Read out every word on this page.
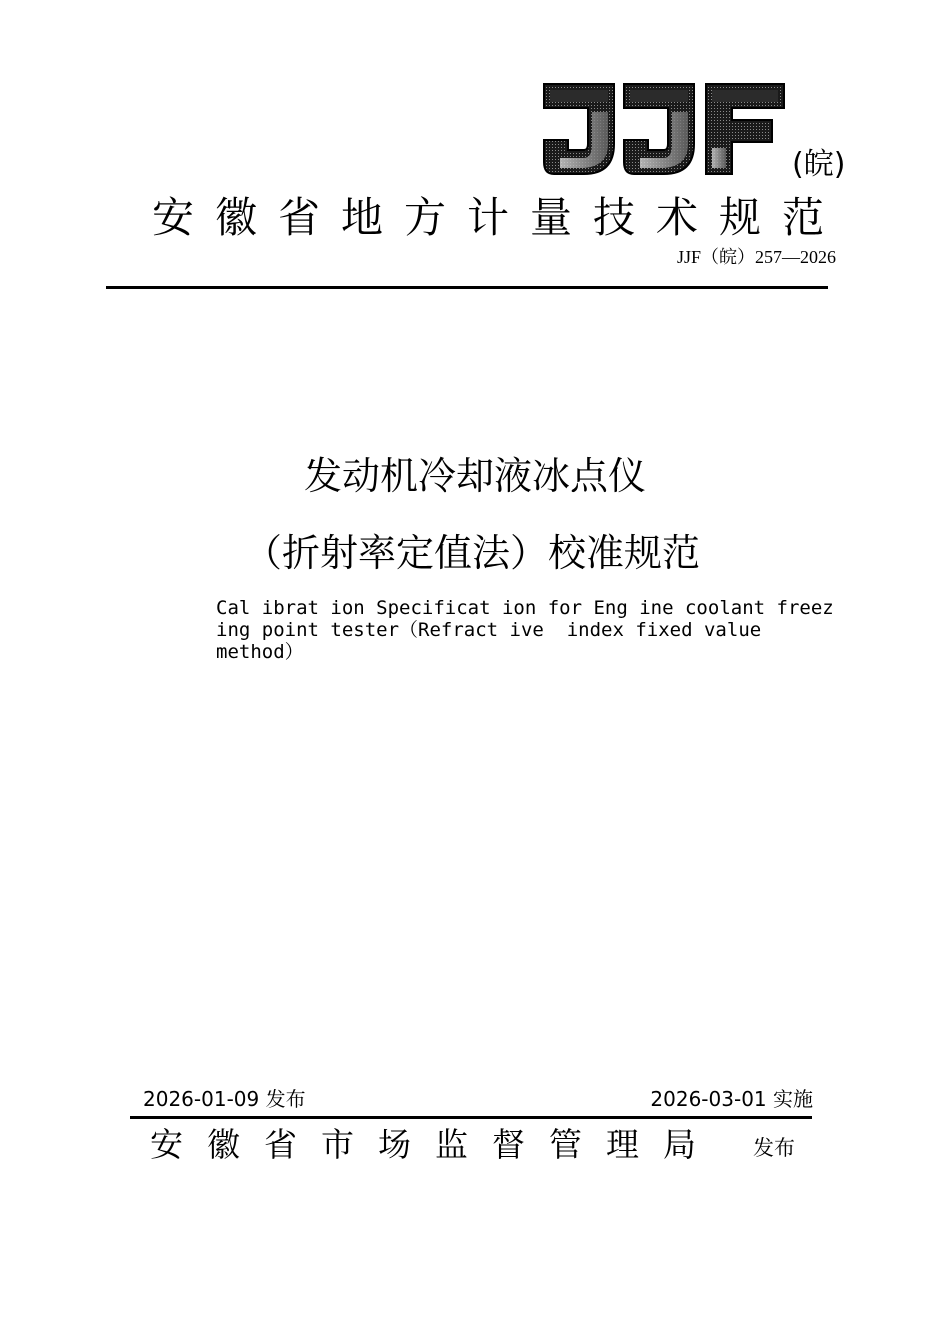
(皖)
安徽省地方计量技术规范
JJF（皖）257—2026
发动机冷却液冰点仪
（折射率定值法）校准规范
Cal ibrat ion Specificat ion for Eng ine coolant freez
ing point tester（Refract ive  index fixed value
method）
2026-01-09 发布	2026-03-01 实施
安徽省市场监督管理局 发布
